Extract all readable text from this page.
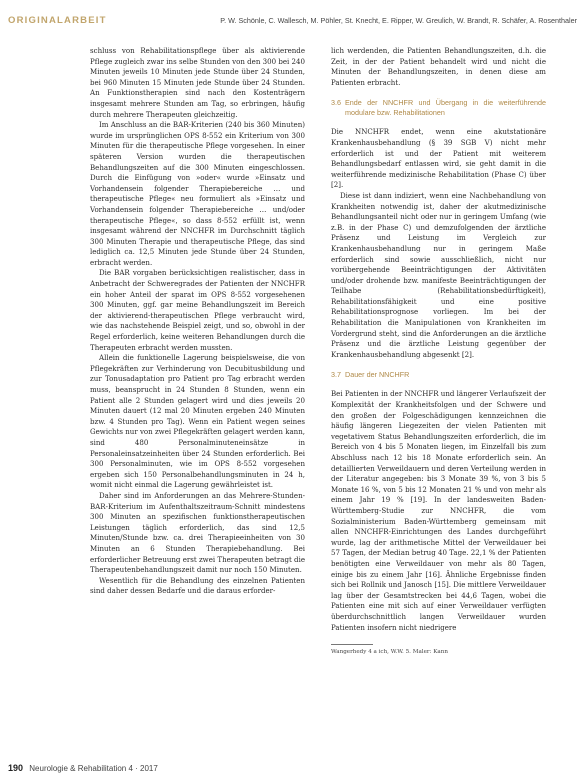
ORIGINALARBEIT	P. W. Schönle, C. Wallesch, M. Pöhler, St. Knecht, E. Ripper, W. Greulich, W. Brandt, R. Schäfer, A. Rosenthaler

schluss von Rehabilitationspflege über als aktivierende Pflege zugleich zwar ins selbe Stunden von den 300 bei 240 Minuten jeweils 10 Minuten jede Stunde über 24 Stunden, bei 960 Minuten 15 Minuten jede Stunde über 24 Stunden. An Funktionstherapien sind nach den Kostenträgern insgesamt mehrere Stunden am Tag, so erbringen, häufig durch mehrere Therapeuten gleichzeitig.

Im Anschluss an die BAR-Kriterien (240 bis 360 Minuten) wurde im ursprünglichen OPS 8-552 ein Kriterium von 300 Minuten für die therapeutische Pflege vorgesehen. In einer späteren Version wurden die therapeutischen Behandlungszeiten auf die 300 Minuten eingeschlossen. Durch die Einfügung von »oder« wurde »Einsatz und Vorhandensein folgender Therapiebereiche … und therapeutische Pflege« neu formuliert als »Einsatz und Vorhandensein folgender Therapiebereiche … und/oder therapeutische Pflege«, so dass 8-552 erfüllt ist, wenn insgesamt während der NNCHFR im Durchschnitt täglich 300 Minuten Therapie und therapeutische Pflege, das sind lediglich ca. 12,5 Minuten jede Stunde über 24 Stunden, erbracht werden.

Die BAR vorgaben berücksichtigen realistischer, dass in Anbetracht der Schweregrades der Patienten der NNCHFR ein hoher Anteil der sparat im OPS 8-552 vorgesehenen 300 Minuten, ggf. gar meine Behandlungszeit im Bereich der aktivierend-therapeutischen Pflege verbraucht wird, wie das nachstehende Beispiel zeigt, und so, obwohl in der Regel erforderlich, keine weiteren Behandlungen durch die Therapeuten erbracht werden mussten.

Allein die funktionelle Lagerung beispielsweise, die von Pflegekräften zur Verhinderung von Decubitusbildung und zur Tonusadaptation pro Patient pro Tag erbracht werden muss, beansprucht in 24 Stunden 8 Stunden, wenn ein Patient alle 2 Stunden gelagert wird und dies jeweils 20 Minuten dauert (12 mal 20 Minuten ergeben 240 Minuten bzw. 4 Stunden pro Tag). Wenn ein Patient wegen seines Gewichts nur von zwei Pflegekräften gelagert werden kann, sind 480 Personalminuteneinsätze in Personaleinsatzeinheiten über 24 Stunden erforderlich. Bei 300 Personalminuten, wie im OPS 8-552 vorgesehen ergeben sich 150 Personalbehandlungsminuten in 24 h, womit nicht einmal die Lagerung gewährleistet ist.

Daher sind im Anforderungen an das Mehrere-Stunden-BAR-Kriterium im Aufenthaltszeitraum-Schnitt mindestens 300 Minuten an spezifischen funktionstherapeutischen Leistungen täglich erforderlich, das sind 12,5 Minuten/Stunde bzw. ca. drei Therapieeinheiten von 30 Minuten an 6 Stunden Therapiebehandlung. Bei erforderlicher Betreuung erst zwei Therapeuten betragt die Therapeutenbehandlungszeit damit nur noch 150 Minuten.

Wesentlich für die Behandlung des einzelnen Patienten sind daher dessen Bedarfe und die daraus erforder-

lich werdenden, die Patienten Behandlungszeiten, d.h. die Zeit, in der der Patient behandelt wird und nicht die Minuten der Behandlungszeiten, in denen diese am Patienten erbracht.

3.6 Ende der NNCHFR und Übergang in die weiterführende modulare bzw. Rehabilitationen

Die NNCHFR endet, wenn eine akutstationäre Krankenhausbehandlung (§ 39 SGB V) nicht mehr erforderlich ist und der Patient mit weiterem Behandlungsbedarf entlassen wird, sie geht damit in die weiterführende medizinische Rehabilitation (Phase C) über [2].

Diese ist dann indiziert, wenn eine Nachbehandlung von Krankheiten notwendig ist, daher der akutmedizinische Behandlungsanteil nicht oder nur in geringem Umfang (wie z.B. in der Phase C) und demzufolgenden der ärztliche Präsenz und Leistung im Vergleich zur Krankenhausbehandlung nur in geringem Maße erforderlich sind sowie ausschließlich, nicht nur vorübergehende Beeinträchtigungen der Aktivitäten und/oder drohende bzw. manifeste Beeinträchtigungen der Teilhabe (Rehabilitationsbedürftigkeit), Rehabilitationsfähigkeit und eine positive Rehabilitationsprognose vorliegen. Im bei der Rehabilitation die Manipulationen von Krankheiten im Vordergrund steht, sind die Anforderungen an die ärztliche Präsenz und die ärztliche Leistung gegenüber der Krankenhausbehandlung abgesenkt [2].

3.7 Dauer der NNCHFR

Bei Patienten in der NNCHFR und längerer Verlaufszeit der Komplexität der Krankheitsfolgen und der Schwere und den großen der Folgeschädigungen kennzeichnen die häufig längeren Liegezeiten der vielen Patienten mit vegetativem Status Behandlungszeiten erforderlich, die im Bereich von 4 bis 5 Monaten liegen, im Einzelfall bis zum Abschluss nach 12 bis 18 Monate erforderlich sein. An detaillierten Verweildauern und deren Verteilung werden in der Literatur angegeben: bis 3 Monate 39 %, von 3 bis 5 Monate 16 %, von 5 bis 12 Monaten 21 % und von mehr als einem Jahr 19 % [19]. In der landesweiten Baden-Württemberg-Studie zur NNCHFR, die vom Sozialministerium Baden-Württemberg gemeinsam mit allen NNCHFR-Einrichtungen des Landes durchgeführt wurde, lag der arithmetische Mittel der Verweildauer bei 57 Tagen, der Median betrug 40 Tage. 22,1 % der Patienten benötigten eine Verweildauer von mehr als 80 Tagen, einige bis zu einem Jahr [16]. Ähnliche Ergebnisse finden sich bei Rollnik und Janosch [15]. Die mittlere Verweildauer lag über der Gesamtstrecken bei 44,6 Tagen, wobei die Patienten eine mit sich auf einer Verweildauer verfügten überdurchschnittlich langen Verweildauer wurden Patienten insofern nicht niedrigere

Wangerhedy 4 a ich, W.W. 5. Maler: Kann
190 Neurologie & Rehabilitation 4 · 2017
